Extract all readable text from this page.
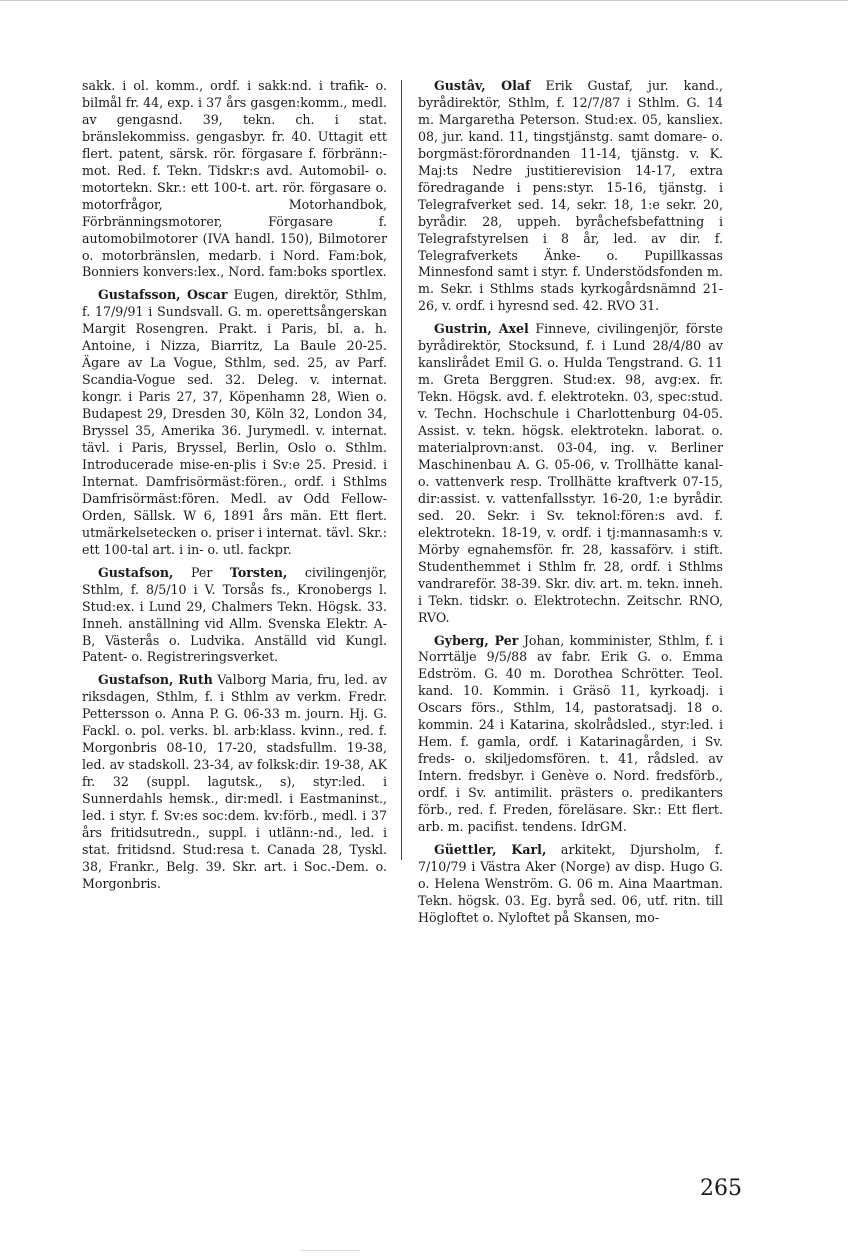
sakk. i ol. komm., ordf. i sakk:nd. i trafik- o. bilmål fr. 44, exp. i 37 års gasgen:komm., medl. av gengasnd. 39, tekn. ch. i stat. bränslekommiss. gengasbyr. fr. 40. Uttagit ett flert. patent, särsk. rör. förgasare f. förbränn:-mot. Red. f. Tekn. Tidskr:s avd. Automobil- o. motortekn. Skr.: ett 100-t. art. rör. förgasare o. motorfrågor, Motorhandbok, Förbränningsmotorer, Förgasare f. automobilmotorer (IVA handl. 150), Bilmotorer o. motorbränslen, medarb. i Nord. Fam:bok, Bonniers konvers:lex., Nord. fam:boks sportlex.

Gustafsson, Oscar Eugen, direktör, Sthlm, f. 17/9/91 i Sundsvall. G. m. operettsångerskan Margit Rosengren. Prakt. i Paris, bl. a. h. Antoine, i Nizza, Biarritz, La Baule 20-25. Ägare av La Vogue, Sthlm, sed. 25, av Parf. Scandia-Vogue sed. 32. Deleg. v. internat. kongr. i Paris 27, 37, Köpenhamn 28, Wien o. Budapest 29, Dresden 30, Köln 32, London 34, Bryssel 35, Amerika 36. Jurymedl. v. internat. tävl. i Paris, Bryssel, Berlin, Oslo o. Sthlm. Introducerade mise-en-plis i Sv:e 25. Presid. i Internat. Damfrisörmäst:fören., ordf. i Sthlms Damfrisörmäst:fören. Medl. av Odd Fellow-Orden, Sällsk. W 6, 1891 års män. Ett flert. utmärkelsetecken o. priser i internat. tävl. Skr.: ett 100-tal art. i in- o. utl. fackpr.

Gustafson, Per Torsten, civilingenjör, Sthlm, f. 8/5/10 i V. Torsås fs., Kronobergs l. Stud:ex. i Lund 29, Chalmers Tekn. Högsk. 33. Inneh. anställning vid Allm. Svenska Elektr. A-B, Västerås o. Ludvika. Anställd vid Kungl. Patent- o. Registreringsverket.

Gustafson, Ruth Valborg Maria, fru, led. av riksdagen, Sthlm, f. i Sthlm av verkm. Fredr. Pettersson o. Anna P. G. 06-33 m. journ. Hj. G. Fackl. o. pol. verks. bl. arb:klass. kvinn., red. f. Morgonbris 08-10, 17-20, stadsfullm. 19-38, led. av stadskoll. 23-34, av folksk:dir. 19-38, AK fr. 32 (suppl. lagutsk., s), styr:led. i Sunnerdahls hemsk., dir:medl. i Eastmaninst., led. i styr. f. Sv:es soc:dem. kv:förb., medl. i 37 års fritidsutredn., suppl. i utlänn:-nd., led. i stat. fritidsnd. Stud:resa t. Canada 28, Tyskl. 38, Frankr., Belg. 39. Skr. art. i Soc.-Dem. o. Morgonbris.

Gustâv, Olaf Erik Gustaf, jur. kand., byrådirektör, Sthlm, f. 12/7/87 i Sthlm. G. 14 m. Margaretha Peterson. Stud:ex. 05, kansliex. 08, jur. kand. 11, tingstjänstg. samt domare- o. borgmäst:förordnanden 11-14, tjänstg. v. K. Maj:ts Nedre justitierevision 14-17, extra föredragande i pens:styr. 15-16, tjänstg. i Telegrafverket sed. 14, sekr. 18, 1:e sekr. 20, byrådir. 28, uppeh. byråchefsbefattning i Telegrafstyrelsen i 8 år, led. av dir. f. Telegrafverkets Änke- o. Pupillkassas Minnesfond samt i styr. f. Understödsfonden m. m. Sekr. i Sthlms stads kyrkogårdsnämnd 21-26, v. ordf. i hyresnd sed. 42. RVO 31.

Gustrin, Axel Finneve, civilingenjör, förste byrådirektör, Stocksund, f. i Lund 28/4/80 av kanslirådet Emil G. o. Hulda Tengstrand. G. 11 m. Greta Berggren. Stud:ex. 98, avg:ex. fr. Tekn. Högsk. avd. f. elektrotekn. 03, spec:stud. v. Techn. Hochschule i Charlottenburg 04-05. Assist. v. tekn. högsk. elektrotekn. laborat. o. materialprovn:anst. 03-04, ing. v. Berliner Maschinenbau A. G. 05-06, v. Trollhätte kanal- o. vattenverk resp. Trollhätte kraftverk 07-15, dir:assist. v. vattenfallsstyr. 16-20, 1:e byrådir. sed. 20. Sekr. i Sv. teknol:fören:s avd. f. elektrotekn. 18-19, v. ordf. i tj:mannasamh:s v. Mörby egnahemsför. fr. 28, kassaförv. i stift. Studenthemmet i Sthlm fr. 28, ordf. i Sthlms vandrareför. 38-39. Skr. div. art. m. tekn. inneh. i Tekn. tidskr. o. Elektrotechn. Zeitschr. RNO, RVO.

Gyberg, Per Johan, komminister, Sthlm, f. i Norrtälje 9/5/88 av fabr. Erik G. o. Emma Edström. G. 40 m. Dorothea Schrötter. Teol. kand. 10. Kommin. i Gräsö 11, kyrkoadj. i Oscars förs., Sthlm, 14, pastoratsadj. 18 o. kommin. 24 i Katarina, skolrådsled., styr:led. i Hem. f. gamla, ordf. i Katarinagården, i Sv. freds- o. skiljedomsfören. t. 41, rådsled. av Intern. fredsbyr. i Genève o. Nord. fredsförb., ordf. i Sv. antimilit. prästers o. predikanters förb., red. f. Freden, föreläsare. Skr.: Ett flert. arb. m. pacifist. tendens. IdrGM.

Güettler, Karl, arkitekt, Djursholm, f. 7/10/79 i Västra Aker (Norge) av disp. Hugo G. o. Helena Wenström. G. 06 m. Aina Maartman. Tekn. högsk. 03. Eg. byrå sed. 06, utf. ritn. till Högloftet o. Nyloftet på Skansen, mo-

265
